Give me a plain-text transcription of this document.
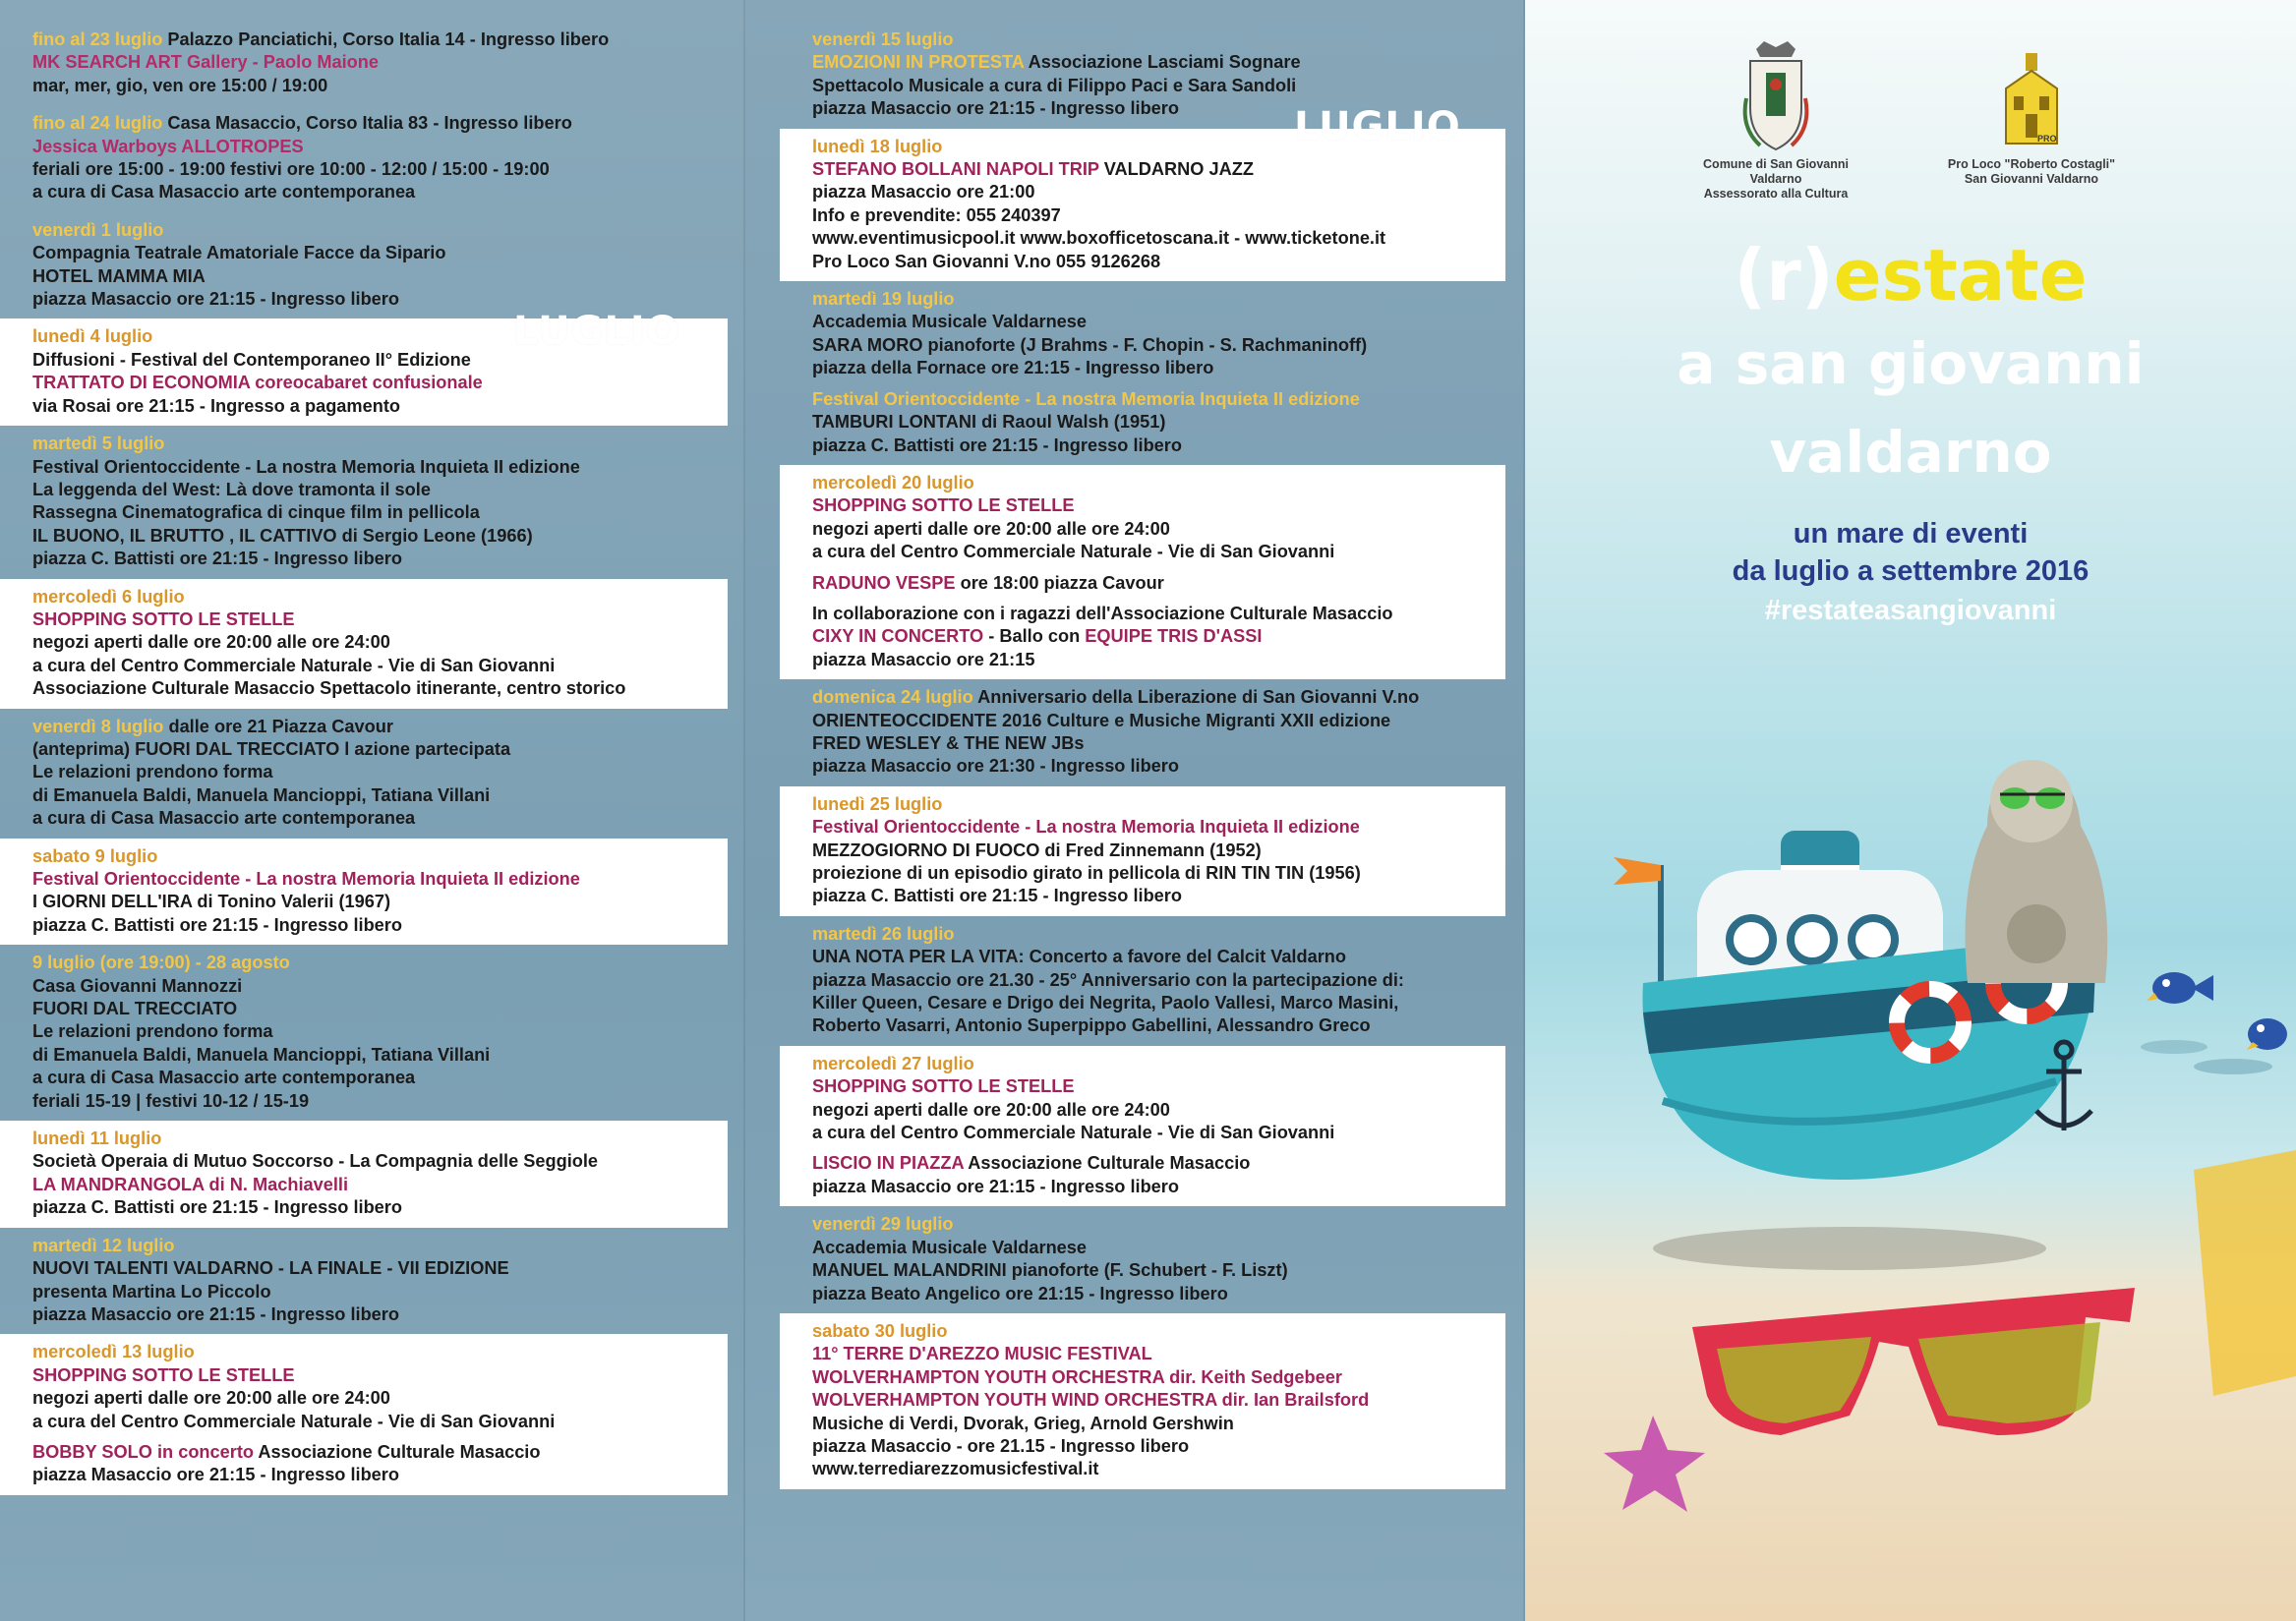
fino al 23 luglio Palazzo Panciatichi, Corso Italia 14 - Ingresso libero
MK SEARCH ART Gallery - Paolo Maione
mar, mer, gio, ven ore 15:00 / 19:00
fino al 24 luglio Casa Masaccio, Corso Italia 83 - Ingresso libero
Jessica Warboys ALLOTROPES
feriali ore 15:00 - 19:00 festivi ore 10:00 - 12:00 / 15:00 - 19:00
a cura di Casa Masaccio arte contemporanea
venerdì 1 luglio
Compagnia Teatrale Amatoriale Facce da Sipario
HOTEL MAMMA MIA
piazza Masaccio ore 21:15 - Ingresso libero
lunedì 4 luglio
Diffusioni - Festival del Contemporaneo II° Edizione
TRATTATO DI ECONOMIA coreocabaret confusionale
via Rosai ore 21:15 - Ingresso a pagamento
martedì 5 luglio
Festival Orientoccidente - La nostra Memoria Inquieta II edizione
La leggenda del West: Là dove tramonta il sole
Rassegna Cinematografica di cinque film in pellicola
IL BUONO, IL BRUTTO , IL CATTIVO di Sergio Leone (1966)
piazza C. Battisti ore 21:15 - Ingresso libero
mercoledì 6 luglio
SHOPPING SOTTO LE STELLE
negozi aperti dalle ore 20:00 alle ore 24:00
a cura del Centro Commerciale Naturale - Vie di San Giovanni
Associazione Culturale Masaccio Spettacolo itinerante, centro storico
venerdì 8 luglio dalle ore 21 Piazza Cavour
(anteprima) FUORI DAL TRECCIATO l azione partecipata
Le relazioni prendono forma
di Emanuela Baldi, Manuela Mancioppi, Tatiana Villani
a cura di Casa Masaccio arte contemporanea
sabato 9 luglio
Festival Orientoccidente - La nostra Memoria Inquieta II edizione
I GIORNI DELL'IRA di Tonino Valerii (1967)
piazza C. Battisti ore 21:15 - Ingresso libero
9 luglio (ore 19:00) - 28 agosto
Casa Giovanni Mannozzi
FUORI DAL TRECCIATO
Le relazioni prendono forma
di Emanuela Baldi, Manuela Mancioppi, Tatiana Villani
a cura di Casa Masaccio arte contemporanea
feriali 15-19 | festivi 10-12 / 15-19
lunedì 11 luglio
Società Operaia di Mutuo Soccorso - La Compagnia delle Seggiole
LA MANDRANGOLA di N. Machiavelli
piazza C. Battisti ore 21:15 - Ingresso libero
martedì 12 luglio
NUOVI TALENTI VALDARNO - LA FINALE - VII EDIZIONE
presenta Martina Lo Piccolo
piazza Masaccio ore 21:15 - Ingresso libero
mercoledì 13 luglio
SHOPPING SOTTO LE STELLE
negozi aperti dalle ore 20:00 alle ore 24:00
a cura del Centro Commerciale Naturale - Vie di San Giovanni
BOBBY SOLO in concerto Associazione Culturale Masaccio
piazza Masaccio ore 21:15 - Ingresso libero
LUGLIO
venerdì 15 luglio
EMOZIONI IN PROTESTA Associazione Lasciami Sognare
Spettacolo Musicale a cura di Filippo Paci e Sara Sandoli
piazza Masaccio ore 21:15 - Ingresso libero
lunedì 18 luglio
STEFANO BOLLANI NAPOLI TRIP VALDARNO JAZZ
piazza Masaccio ore 21:00
Info e prevendite: 055 240397
www.eventimusicpool.it www.boxofficetoscana.it - www.ticketone.it
Pro Loco San Giovanni V.no 055 9126268
martedì 19 luglio
Accademia Musicale Valdarnese
SARA MORO pianoforte (J Brahms - F. Chopin - S. Rachmaninoff)
piazza della Fornace ore 21:15 - Ingresso libero
Festival Orientoccidente - La nostra Memoria Inquieta II edizione
TAMBURI LONTANI di Raoul Walsh (1951)
piazza C. Battisti ore 21:15 - Ingresso libero
mercoledì 20 luglio
SHOPPING SOTTO LE STELLE
negozi aperti dalle ore 20:00 alle ore 24:00
a cura del Centro Commerciale Naturale - Vie di San Giovanni
RADUNO VESPE ore 18:00 piazza Cavour
In collaborazione con i ragazzi dell'Associazione Culturale Masaccio
CIXY IN CONCERTO - Ballo con EQUIPE TRIS D'ASSI
piazza Masaccio ore 21:15
domenica 24 luglio Anniversario della Liberazione di San Giovanni V.no
ORIENTEOCCIDENTE 2016 Culture e Musiche Migranti XXII edizione
FRED WESLEY & THE NEW JBs
piazza Masaccio ore 21:30 - Ingresso libero
lunedì 25 luglio
Festival Orientoccidente - La nostra Memoria Inquieta II edizione
MEZZOGIORNO DI FUOCO di Fred Zinnemann (1952)
proiezione di un episodio girato in pellicola di RIN TIN TIN (1956)
piazza C. Battisti ore 21:15 - Ingresso libero
martedì 26 luglio
UNA NOTA PER LA VITA: Concerto a favore del Calcit Valdarno
piazza Masaccio ore 21.30 - 25° Anniversario con la partecipazione di:
Killer Queen, Cesare e Drigo dei Negrita, Paolo Vallesi, Marco Masini,
Roberto Vasarri, Antonio Superpippo Gabellini, Alessandro Greco
mercoledì 27 luglio
SHOPPING SOTTO LE STELLE
negozi aperti dalle ore 20:00 alle ore 24:00
a cura del Centro Commerciale Naturale - Vie di San Giovanni
LISCIO IN PIAZZA Associazione Culturale Masaccio
piazza Masaccio ore 21:15 - Ingresso libero
venerdì 29 luglio
Accademia Musicale Valdarnese
MANUEL MALANDRINI pianoforte (F. Schubert - F. Liszt)
piazza Beato Angelico ore 21:15 - Ingresso libero
sabato 30 luglio
11° TERRE D'AREZZO MUSIC FESTIVAL
WOLVERHAMPTON YOUTH ORCHESTRA dir. Keith Sedgebeer
WOLVERHAMPTON YOUTH WIND ORCHESTRA dir. Ian Brailsford
Musiche di Verdi, Dvorak, Grieg, Arnold Gershwin
piazza Masaccio - ore 21.15 - Ingresso libero
www.terrediarezzomusicfestival.it
LUGLIO
Comune di San Giovanni Valdarno
Assessorato alla Cultura
PRO
Pro Loco "Roberto Costagli"
San Giovanni Valdarno
(r)estate
a san giovanni
valdarno
un mare di eventi
da luglio a settembre 2016
#restateasangiovanni
